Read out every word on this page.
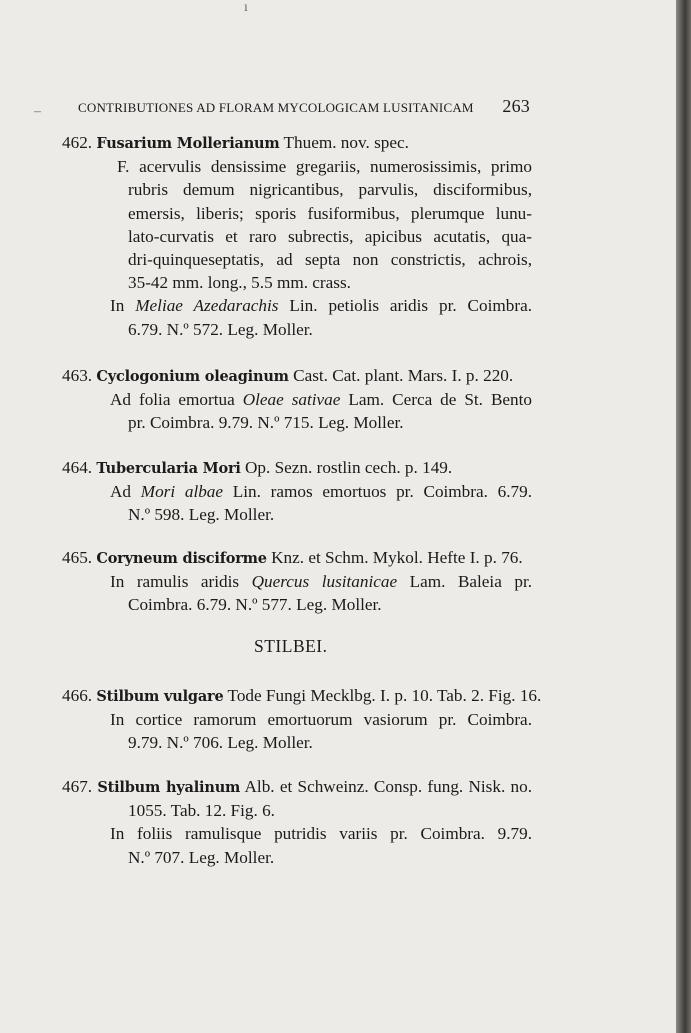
CONTRIBUTIONES AD FLORAM MYCOLOGICAM LUSITANICAM 263
462. Fusarium Mollerianum Thuem. nov. spec.
F. acervulis densissime gregariis, numerosissimis, primo
rubris demum nigricantibus, parvulis, disciformibus,
emersis, liberis; sporis fusiformibus, plerumque lunu-
lato-curvatis et raro subrectis, apicibus acutatis, qua-
dri-quinqueseptatis, ad septa non constrictis, achrois,
35-42 mm. long., 5.5 mm. crass.
In Meliae Azedarachis Lin. petiolis aridis pr. Coimbra.
6.79. N.º 572. Leg. Moller.
463. Cyclogonium oleaginum Cast. Cat. plant. Mars. I. p. 220.
Ad folia emortua Oleae sativae Lam. Cerca de St. Bento
pr. Coimbra. 9.79. N.º 715. Leg. Moller.
464. Tubercularia Mori Op. Sezn. rostlin cech. p. 149.
Ad Mori albae Lin. ramos emortuos pr. Coimbra. 6.79.
N.º 598. Leg. Moller.
465. Coryneum disciforme Knz. et Schm. Mykol. Hefte I. p. 76.
In ramulis aridis Quercus lusitanicae Lam. Baleia pr.
Coimbra. 6.79. N.º 577. Leg. Moller.
STILBEI.
466. Stilbum vulgare Tode Fungi Mecklbg. I. p. 10. Tab. 2. Fig. 16.
In cortice ramorum emortuorum vasiorum pr. Coimbra.
9.79. N.º 706. Leg. Moller.
467. Stilbum hyalinum Alb. et Schweinz. Consp. fung. Nisk. no.
1055. Tab. 12. Fig. 6.
In foliis ramulisque putridis variis pr. Coimbra. 9.79.
N.º 707. Leg. Moller.
–
ı
